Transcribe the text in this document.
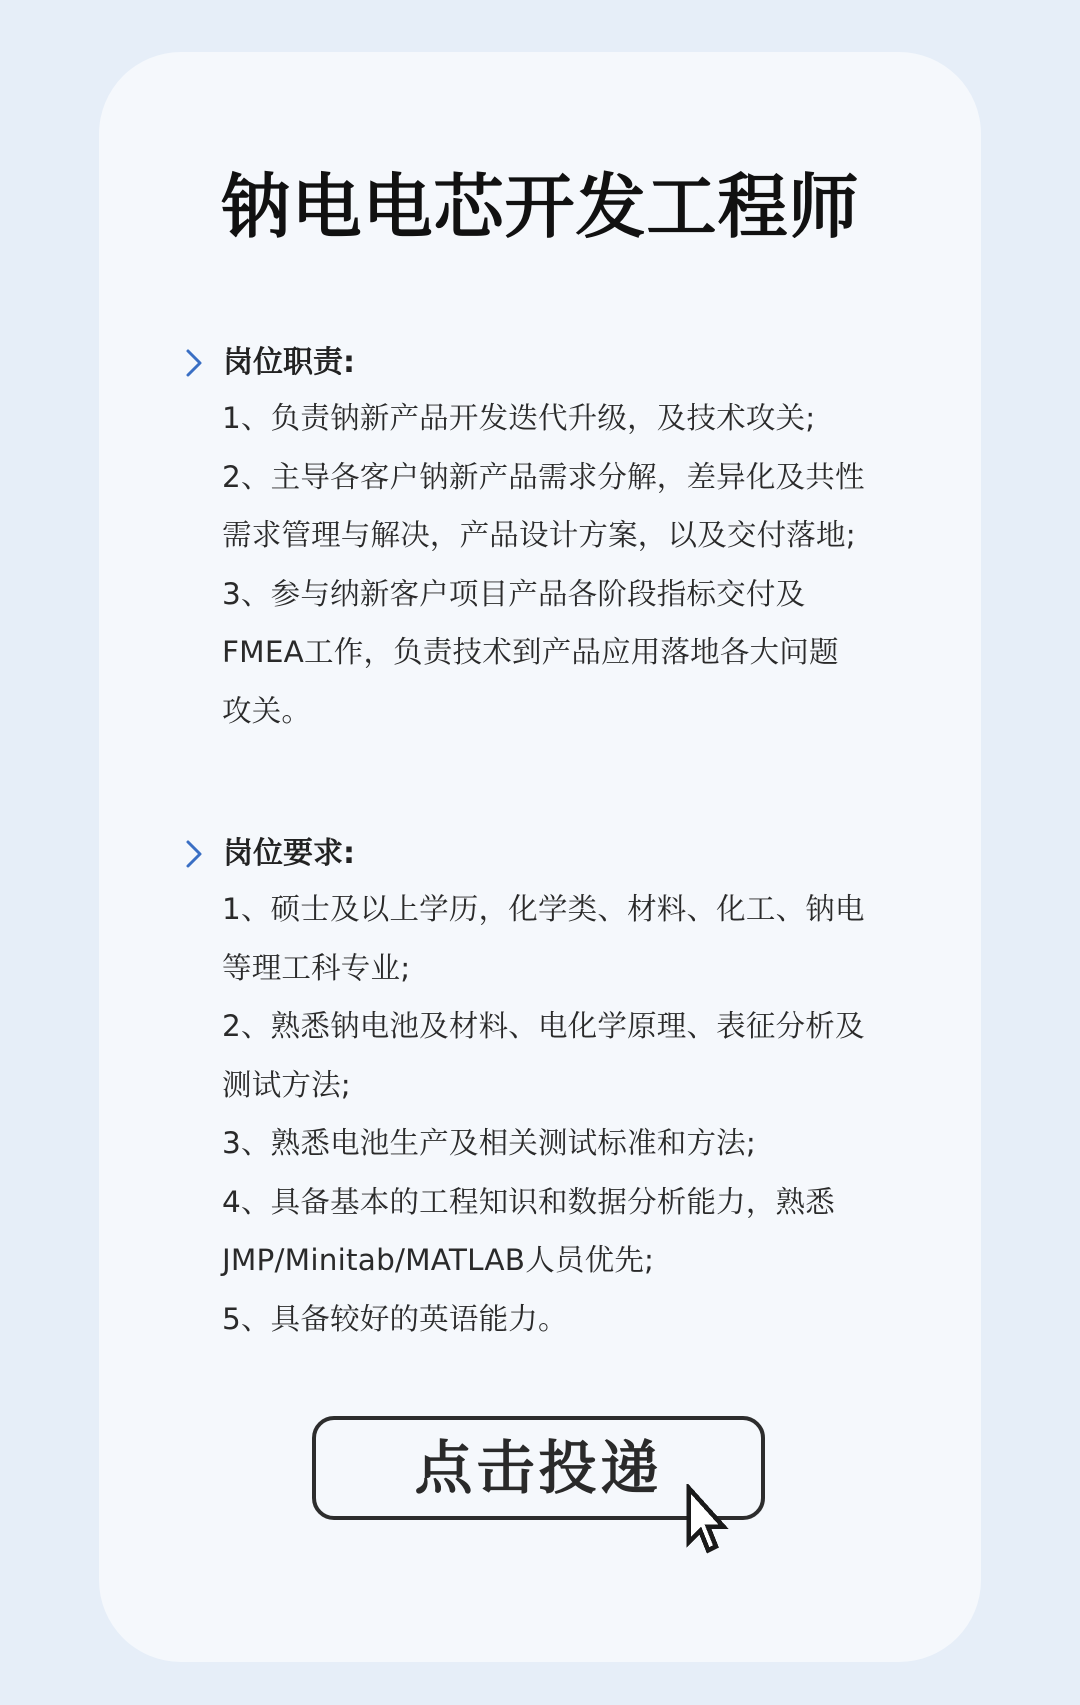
钠电电芯开发工程师
岗位职责:
1、负责钠新产品开发迭代升级，及技术攻关;
2、主导各客户钠新产品需求分解，差异化及共性
需求管理与解决，产品设计方案，以及交付落地;
3、参与纳新客户项目产品各阶段指标交付及
FMEA工作，负责技术到产品应用落地各大问题
攻关。
岗位要求:
1、硕士及以上学历，化学类、材料、化工、钠电
等理工科专业;
2、熟悉钠电池及材料、电化学原理、表征分析及
测试方法;
3、熟悉电池生产及相关测试标准和方法;
4、具备基本的工程知识和数据分析能力，熟悉
JMP/Minitab/MATLAB人员优先;
5、具备较好的英语能力。
点击投递
